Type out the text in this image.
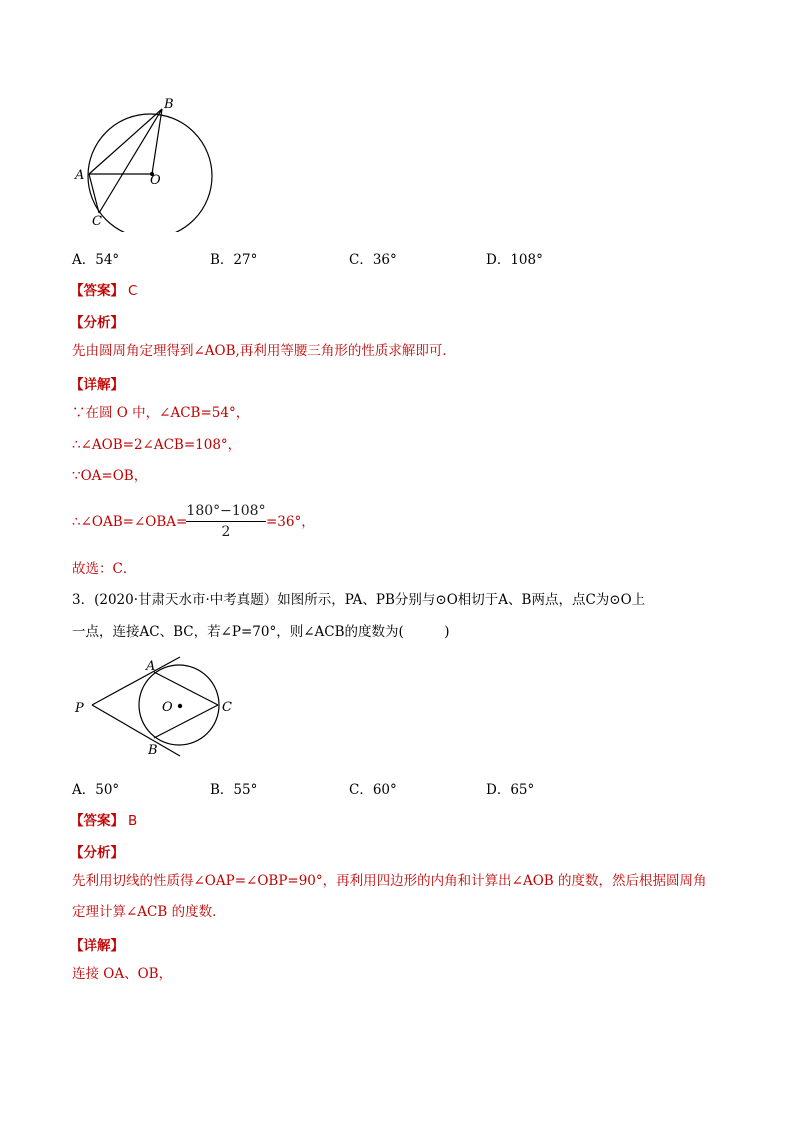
B
A	O
C
A．54°	B．27°	C．36°	D．108°
【答案】 C
【分析】
先由圆周角定理得到∠AOB,再利用等腰三角形的性质求解即可．
【详解】
∵在圆 O 中，∠ACB=54°，
∴∠AOB=2∠ACB=108°，
∵OA=OB，
∴∠OAB=∠OBA=
180°−108°
2
=36°，
故选：C．
3．(2020·甘肃天水市·中考真题）如图所示，PA、PB分别与⊙O相切于A、B两点，点C为⊙O上
一点，连接AC、BC，若∠P=70°，则∠ACB的度数为(　　　)
A
P	O	C
B
A．50°	B．55°	C．60°	D．65°
【答案】 B
【分析】
先利用切线的性质得∠OAP=∠OBP=90°，再利用四边形的内角和计算出∠AOB 的度数，然后根据圆周角
定理计算∠ACB 的度数．
【详解】
连接 OA、OB，
